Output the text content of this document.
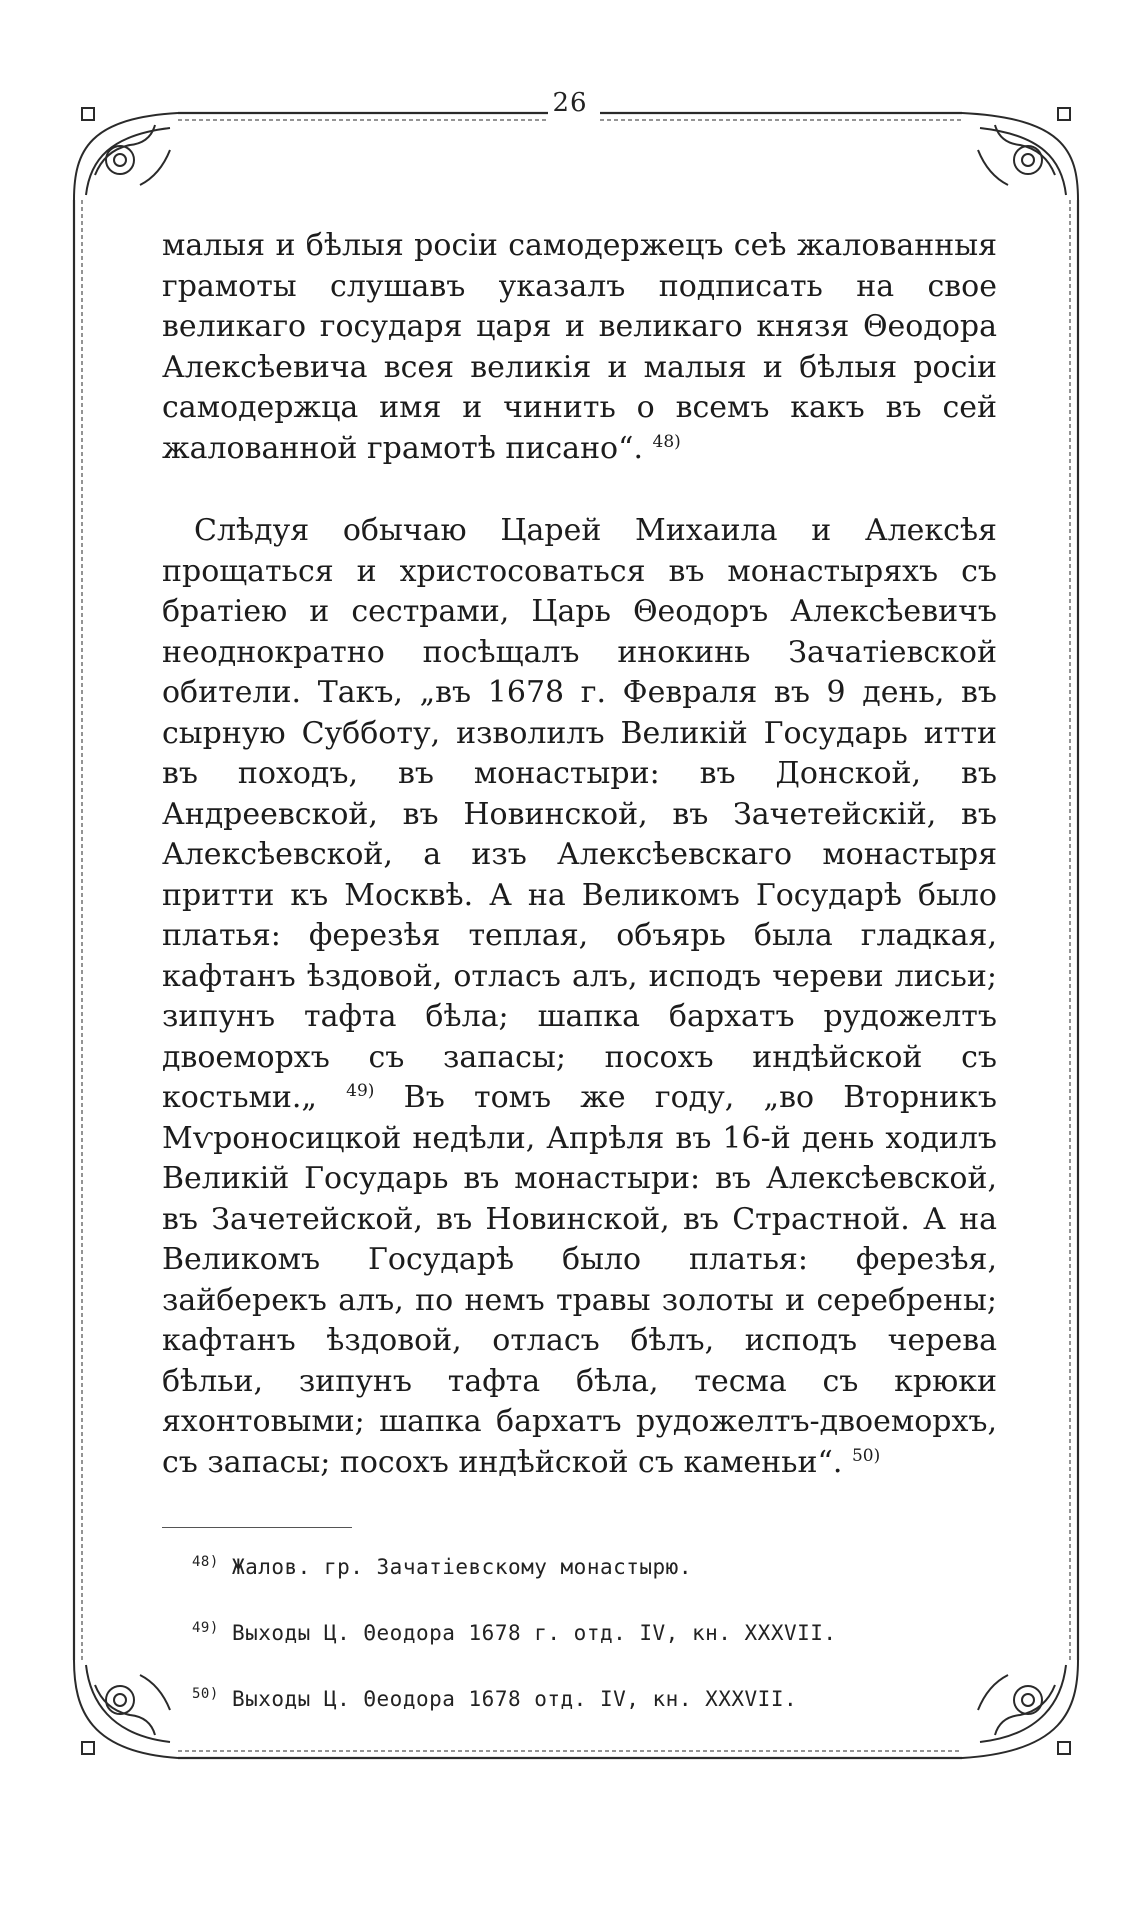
26

малыя и бѣлыя росіи самодержецъ сеѣ жалованныя грамоты слушавъ указалъ подписать на свое великаго государя царя и великаго князя Θеодора Алексѣевича всея великія и малыя и бѣлыя росіи самодержца имя и чинить о всемъ какъ въ сей жалованной грамотѣ писано“. $^{48)}$

Слѣдуя обычаю Царей Михаила и Алексѣя прощаться и христосоваться въ монастыряхъ съ братіею и сестрами, Царь Θеодоръ Алексѣевичъ неоднократно посѣщалъ инокинь Зачатіевской обители. Такъ, „въ 1678 г. Февраля въ 9 день, въ сырную Субботу, изволилъ Великій Государь итти въ походъ, въ монастыри: въ Донской, въ Андреевской, въ Новинской, въ Зачетейскій, въ Алексѣевской, а изъ Алексѣевскаго монастыря притти къ Москвѣ. А на Великомъ Государѣ было платья: ферезѣя теплая, объярь была гладкая, кафтанъ ѣздовой, отласъ алъ, исподъ череви лисьи; зипунъ тафта бѣла; шапка бархатъ рудожелтъ двоеморхъ съ запасы; посохъ индѣйской съ костьми.„ $^{49)}$ Въ томъ же году, „во Вторникъ Мѵроносицкой недѣли, Апрѣля въ 16-й день ходилъ Великій Государь въ монастыри: въ Алексѣевской, въ Зачетейской, въ Новинской, въ Страстной. А на Великомъ Государѣ было платья: ферезѣя, зайберекъ алъ, по немъ травы золоты и серебрены; кафтанъ ѣздовой, отласъ бѣлъ, исподъ черева бѣльи, зипунъ тафта бѣла, тесма съ крюки яхонтовыми; шапка бархатъ рудожелтъ-двоеморхъ, съ запасы; посохъ индѣйской съ каменьи“. $^{50)}$

$^{48)}$ Жалов. гр. Зачатіевскому монастырю.

$^{49)}$ Выходы Ц. Θеодора 1678 г. отд. IV, кн. XXXVII.

$^{50)}$ Выходы Ц. Θеодора 1678 отд. IV, кн. XXXVII.
